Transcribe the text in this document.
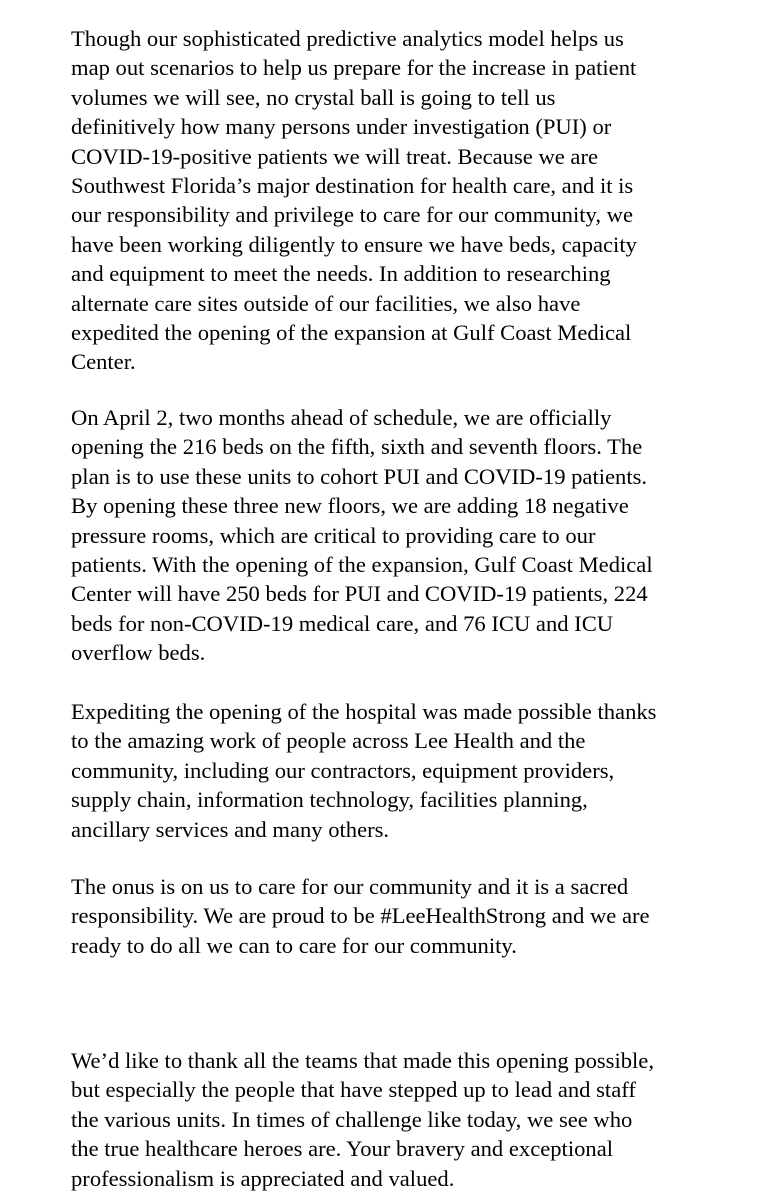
Though our sophisticated predictive analytics model helps us
map out scenarios to help us prepare for the increase in patient
volumes we will see, no crystal ball is going to tell us
definitively how many persons under investigation (PUI) or
COVID-19-positive patients we will treat. Because we are
Southwest Florida’s major destination for health care, and it is
our responsibility and privilege to care for our community, we
have been working diligently to ensure we have beds, capacity
and equipment to meet the needs. In addition to researching
alternate care sites outside of our facilities, we also have
expedited the opening of the expansion at Gulf Coast Medical
Center.

On April 2, two months ahead of schedule, we are officially
opening the 216 beds on the fifth, sixth and seventh floors. The
plan is to use these units to cohort PUI and COVID-19 patients.
By opening these three new floors, we are adding 18 negative
pressure rooms, which are critical to providing care to our
patients. With the opening of the expansion, Gulf Coast Medical
Center will have 250 beds for PUI and COVID-19 patients, 224
beds for non-COVID-19 medical care, and 76 ICU and ICU
overflow beds.

Expediting the opening of the hospital was made possible thanks
to the amazing work of people across Lee Health and the
community, including our contractors, equipment providers,
supply chain, information technology, facilities planning,
ancillary services and many others.

The onus is on us to care for our community and it is a sacred
responsibility. We are proud to be #LeeHealthStrong and we are
ready to do all we can to care for our community.

We’d like to thank all the teams that made this opening possible,
but especially the people that have stepped up to lead and staff
the various units. In times of challenge like today, we see who
the true healthcare heroes are. Your bravery and exceptional
professionalism is appreciated and valued.
